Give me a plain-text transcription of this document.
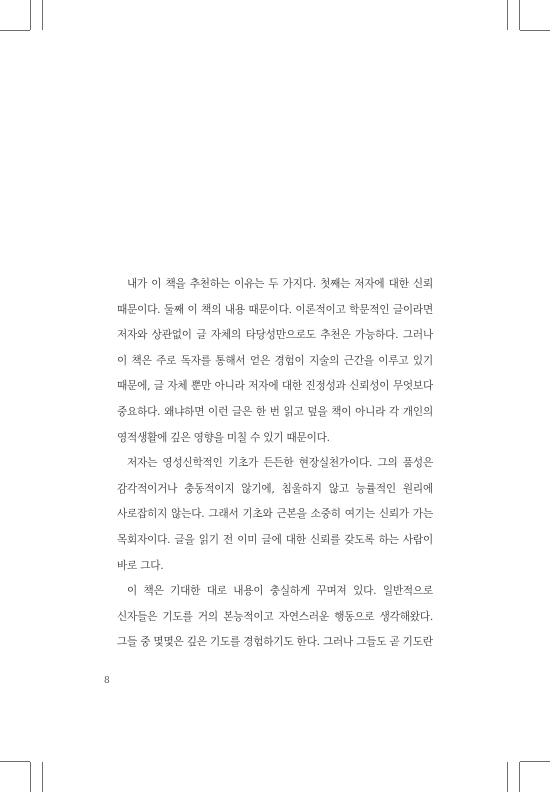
내가 이 책을 추천하는 이유는 두 가지다. 첫째는 저자에 대한 신뢰 때문이다. 둘째 이 책의 내용 때문이다. 이론적이고 학문적인 글이라면 저자와 상관없이 글 자체의 타당성만으로도 추천은 가능하다. 그러나 이 책은 주로 독자를 통해서 얻은 경험이 지술의 근간을 이루고 있기 때문에, 글 자체 뿐만 아니라 저자에 대한 진정성과 신뢰성이 무엇보다 중요하다. 왜냐하면 이런 글은 한 번 읽고 덮을 책이 아니라 각 개인의 영적생활에 깊은 영향을 미칠 수 있기 때문이다.

저자는 영성신학적인 기초가 든든한 현장실천가이다. 그의 품성은 감각적이거나 충동적이지 않기에, 침울하지 않고 능률적인 원리에 사로잡히지 않는다. 그래서 기초와 근본을 소중히 여기는 신뢰가 가는 목회자이다. 글을 읽기 전 이미 글에 대한 신뢰를 갖도록 하는 사람이 바로 그다.

이 책은 기대한 대로 내용이 충실하게 꾸며져 있다. 일반적으로 신자들은 기도를 거의 본능적이고 자연스러운 행동으로 생각해왔다. 그들 중 몇몇은 깊은 기도를 경험하기도 한다. 그러나 그들도 곧 기도란

8
